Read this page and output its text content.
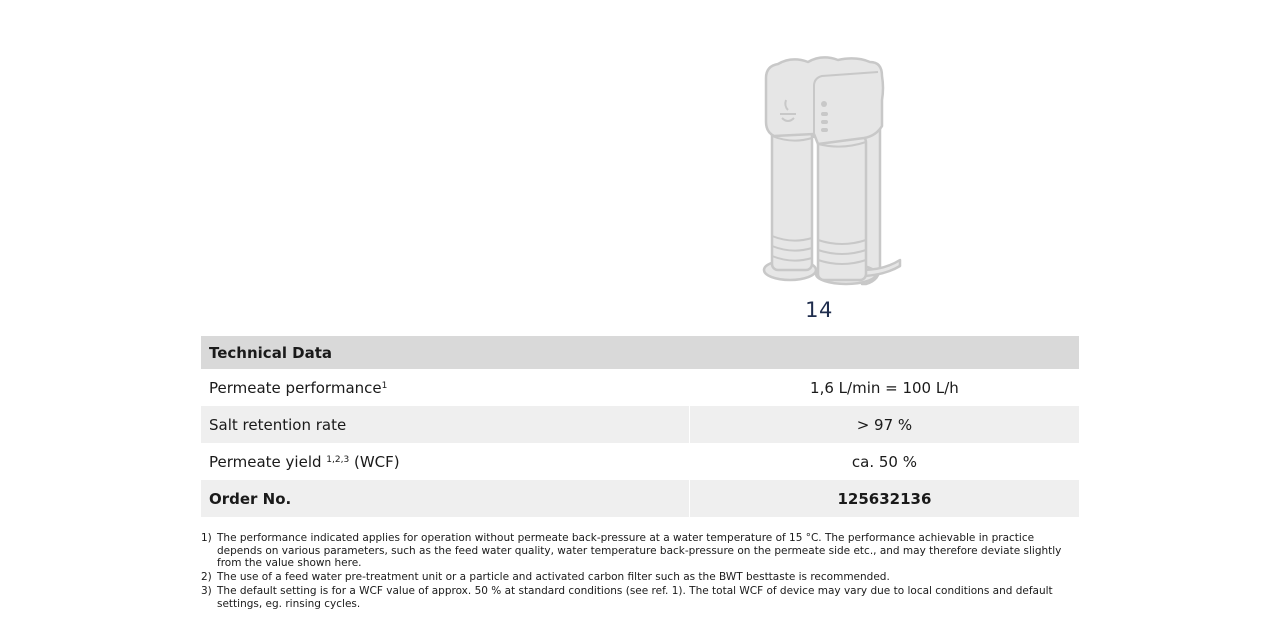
14
Technical Data	
Permeate performance$^1$	1,6 L/min = 100 L/h
Salt retention rate	> 97 %
Permeate yield $^{1,2,3}$ (WCF)	ca. 50 %
Order No.	125632136
1) The performance indicated applies for operation without permeate back-pressure at a water temperature of 15 °C. The performance achievable in practice depends on various parameters, such as the feed water quality, water temperature back-pressure on the permeate side etc., and may therefore deviate slightly from the value shown here.
2) The use of a feed water pre-treatment unit or a particle and activated carbon filter such as the BWT besttaste is recommended.
3) The default setting is for a WCF value of approx. 50 % at standard conditions (see ref. 1). The total WCF of device may vary due to local conditions and default settings, eg. rinsing cycles.
